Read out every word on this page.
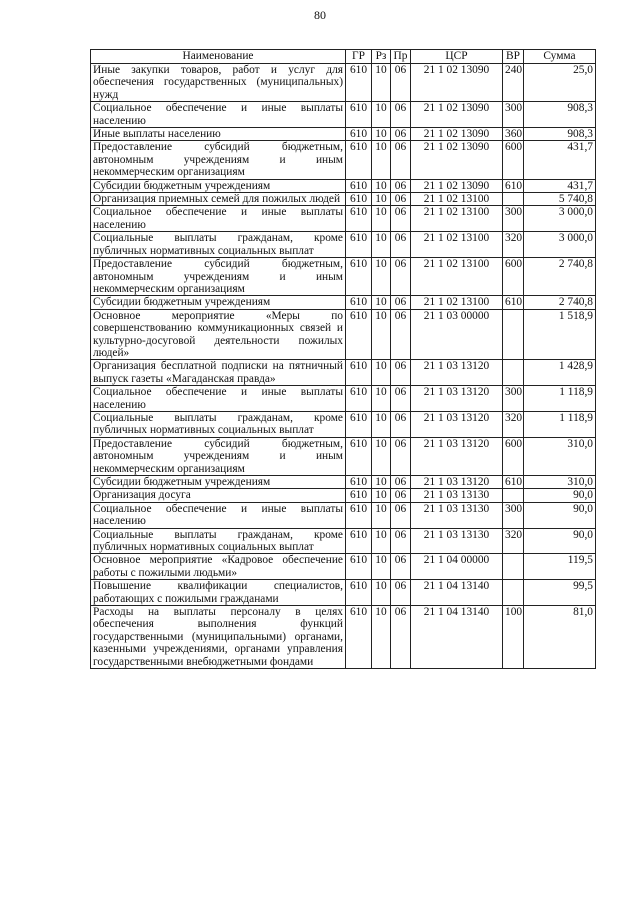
80
Наименование	ГР	Рз	Пр	ЦСР	ВР	Сумма
Иные закупки товаров, работ и услуг для обеспечения государственных (муниципальных) нужд	610	10	06	21 1 02 13090	240	25,0
Социальное обеспечение и иные выплаты населению	610	10	06	21 1 02 13090	300	908,3
Иные выплаты населению	610	10	06	21 1 02 13090	360	908,3
Предоставление субсидий бюджетным, автономным учреждениям и иным некоммерческим организациям	610	10	06	21 1 02 13090	600	431,7
Субсидии бюджетным учреждениям	610	10	06	21 1 02 13090	610	431,7
Организация приемных семей для пожилых людей	610	10	06	21 1 02 13100		5 740,8
Социальное обеспечение и иные выплаты населению	610	10	06	21 1 02 13100	300	3 000,0
Социальные выплаты гражданам, кроме публичных нормативных социальных выплат	610	10	06	21 1 02 13100	320	3 000,0
Предоставление субсидий бюджетным, автономным учреждениям и иным некоммерческим организациям	610	10	06	21 1 02 13100	600	2 740,8
Субсидии бюджетным учреждениям	610	10	06	21 1 02 13100	610	2 740,8
Основное мероприятие «Меры по совершенствованию коммуникационных связей и культурно-досуговой деятельности пожилых людей»	610	10	06	21 1 03 00000		1 518,9
Организация бесплатной подписки на пятничный выпуск газеты «Магаданская правда»	610	10	06	21 1 03 13120		1 428,9
Социальное обеспечение и иные выплаты населению	610	10	06	21 1 03 13120	300	1 118,9
Социальные выплаты гражданам, кроме публичных нормативных социальных выплат	610	10	06	21 1 03 13120	320	1 118,9
Предоставление субсидий бюджетным, автономным учреждениям и иным некоммерческим организациям	610	10	06	21 1 03 13120	600	310,0
Субсидии бюджетным учреждениям	610	10	06	21 1 03 13120	610	310,0
Организация досуга	610	10	06	21 1 03 13130		90,0
Социальное обеспечение и иные выплаты населению	610	10	06	21 1 03 13130	300	90,0
Социальные выплаты гражданам, кроме публичных нормативных социальных выплат	610	10	06	21 1 03 13130	320	90,0
Основное мероприятие «Кадровое обеспечение работы с пожилыми людьми»	610	10	06	21 1 04 00000		119,5
Повышение квалификации специалистов, работающих с пожилыми гражданами	610	10	06	21 1 04 13140		99,5
Расходы на выплаты персоналу в целях обеспечения выполнения функций государственными (муниципальными) органами, казенными учреждениями, органами управления государственными внебюджетными фондами	610	10	06	21 1 04 13140	100	81,0
